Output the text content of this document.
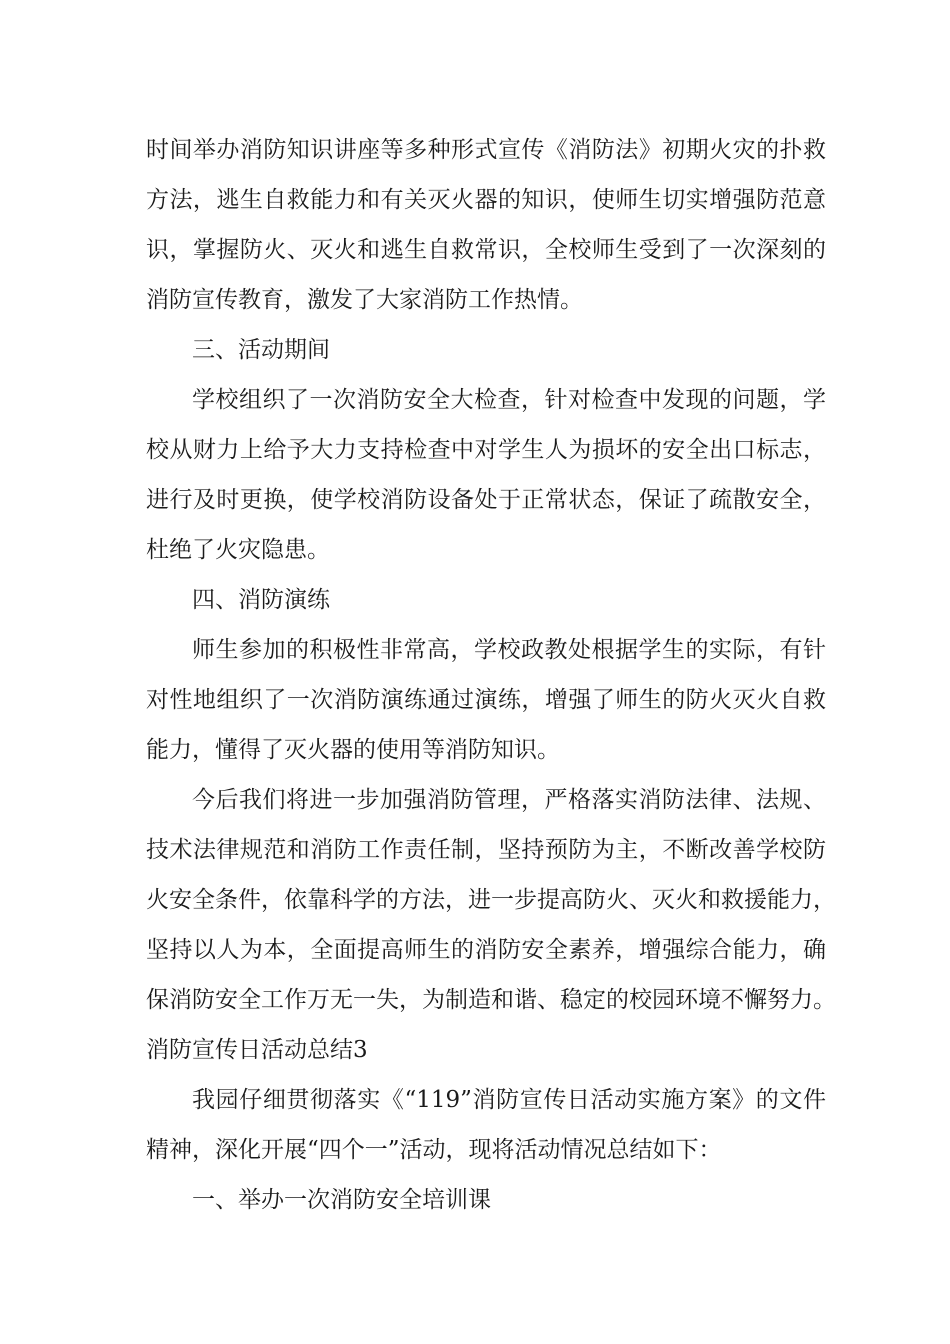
时间举办消防知识讲座等多种形式宣传《消防法》初期火灾的扑救
方法，逃生自救能力和有关灭火器的知识，使师生切实增强防范意
识，掌握防火、灭火和逃生自救常识，全校师生受到了一次深刻的
消防宣传教育，激发了大家消防工作热情。
三、活动期间
学校组织了一次消防安全大检查，针对检查中发现的问题，学
校从财力上给予大力支持检查中对学生人为损坏的安全出口标志，
进行及时更换，使学校消防设备处于正常状态，保证了疏散安全，
杜绝了火灾隐患。
四、消防演练
师生参加的积极性非常高，学校政教处根据学生的实际，有针
对性地组织了一次消防演练通过演练，增强了师生的防火灭火自救
能力，懂得了灭火器的使用等消防知识。
今后我们将进一步加强消防管理，严格落实消防法律、法规、
技术法律规范和消防工作责任制，坚持预防为主，不断改善学校防
火安全条件，依靠科学的方法，进一步提高防火、灭火和救援能力，
坚持以人为本，全面提高师生的消防安全素养，增强综合能力，确
保消防安全工作万无一失，为制造和谐、稳定的校园环境不懈努力。
消防宣传日活动总结3
我园仔细贯彻落实《“119”消防宣传日活动实施方案》的文件
精神，深化开展“四个一”活动，现将活动情况总结如下：
一、举办一次消防安全培训课
